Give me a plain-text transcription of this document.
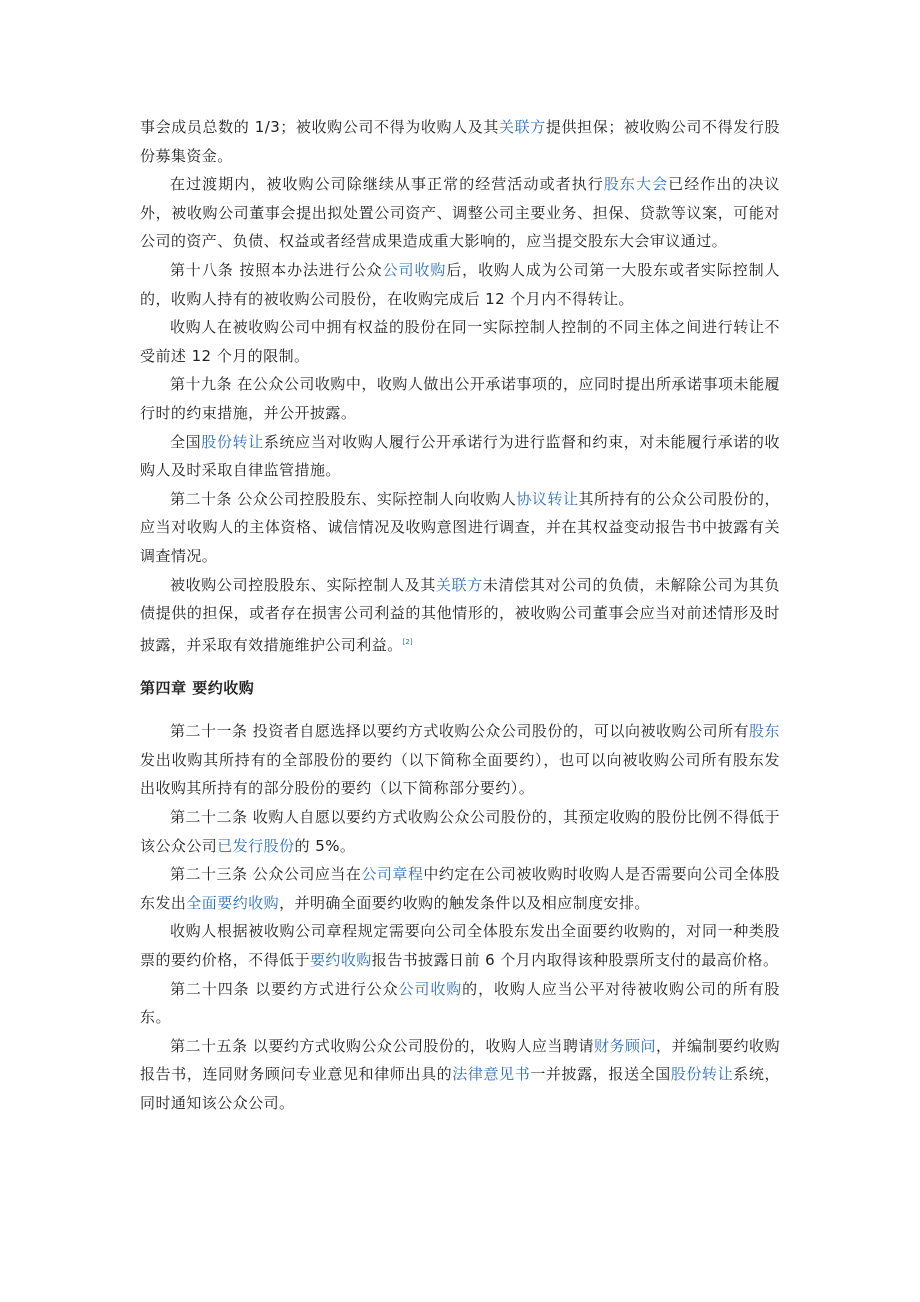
事会成员总数的 1/3；被收购公司不得为收购人及其关联方提供担保；被收购公司不得发行股份募集资金。

在过渡期内，被收购公司除继续从事正常的经营活动或者执行股东大会已经作出的决议外，被收购公司董事会提出拟处置公司资产、调整公司主要业务、担保、贷款等议案，可能对公司的资产、负债、权益或者经营成果造成重大影响的，应当提交股东大会审议通过。

第十八条 按照本办法进行公众公司收购后，收购人成为公司第一大股东或者实际控制人的，收购人持有的被收购公司股份，在收购完成后 12 个月内不得转让。

收购人在被收购公司中拥有权益的股份在同一实际控制人控制的不同主体之间进行转让不受前述 12 个月的限制。

第十九条 在公众公司收购中，收购人做出公开承诺事项的，应同时提出所承诺事项未能履行时的约束措施，并公开披露。

全国股份转让系统应当对收购人履行公开承诺行为进行监督和约束，对未能履行承诺的收购人及时采取自律监管措施。

第二十条 公众公司控股股东、实际控制人向收购人协议转让其所持有的公众公司股份的，应当对收购人的主体资格、诚信情况及收购意图进行调查，并在其权益变动报告书中披露有关调查情况。

被收购公司控股股东、实际控制人及其关联方未清偿其对公司的负债，未解除公司为其负债提供的担保，或者存在损害公司利益的其他情形的，被收购公司董事会应当对前述情形及时披露，并采取有效措施维护公司利益。[2]

第四章 要约收购

第二十一条 投资者自愿选择以要约方式收购公众公司股份的，可以向被收购公司所有股东发出收购其所持有的全部股份的要约（以下简称全面要约），也可以向被收购公司所有股东发出收购其所持有的部分股份的要约（以下简称部分要约）。

第二十二条 收购人自愿以要约方式收购公众公司股份的，其预定收购的股份比例不得低于该公众公司已发行股份的 5%。

第二十三条 公众公司应当在公司章程中约定在公司被收购时收购人是否需要向公司全体股东发出全面要约收购，并明确全面要约收购的触发条件以及相应制度安排。

收购人根据被收购公司章程规定需要向公司全体股东发出全面要约收购的，对同一种类股票的要约价格，不得低于要约收购报告书披露日前 6 个月内取得该种股票所支付的最高价格。

第二十四条 以要约方式进行公众公司收购的，收购人应当公平对待被收购公司的所有股东。

第二十五条 以要约方式收购公众公司股份的，收购人应当聘请财务顾问，并编制要约收购报告书，连同财务顾问专业意见和律师出具的法律意见书一并披露，报送全国股份转让系统，同时通知该公众公司。
